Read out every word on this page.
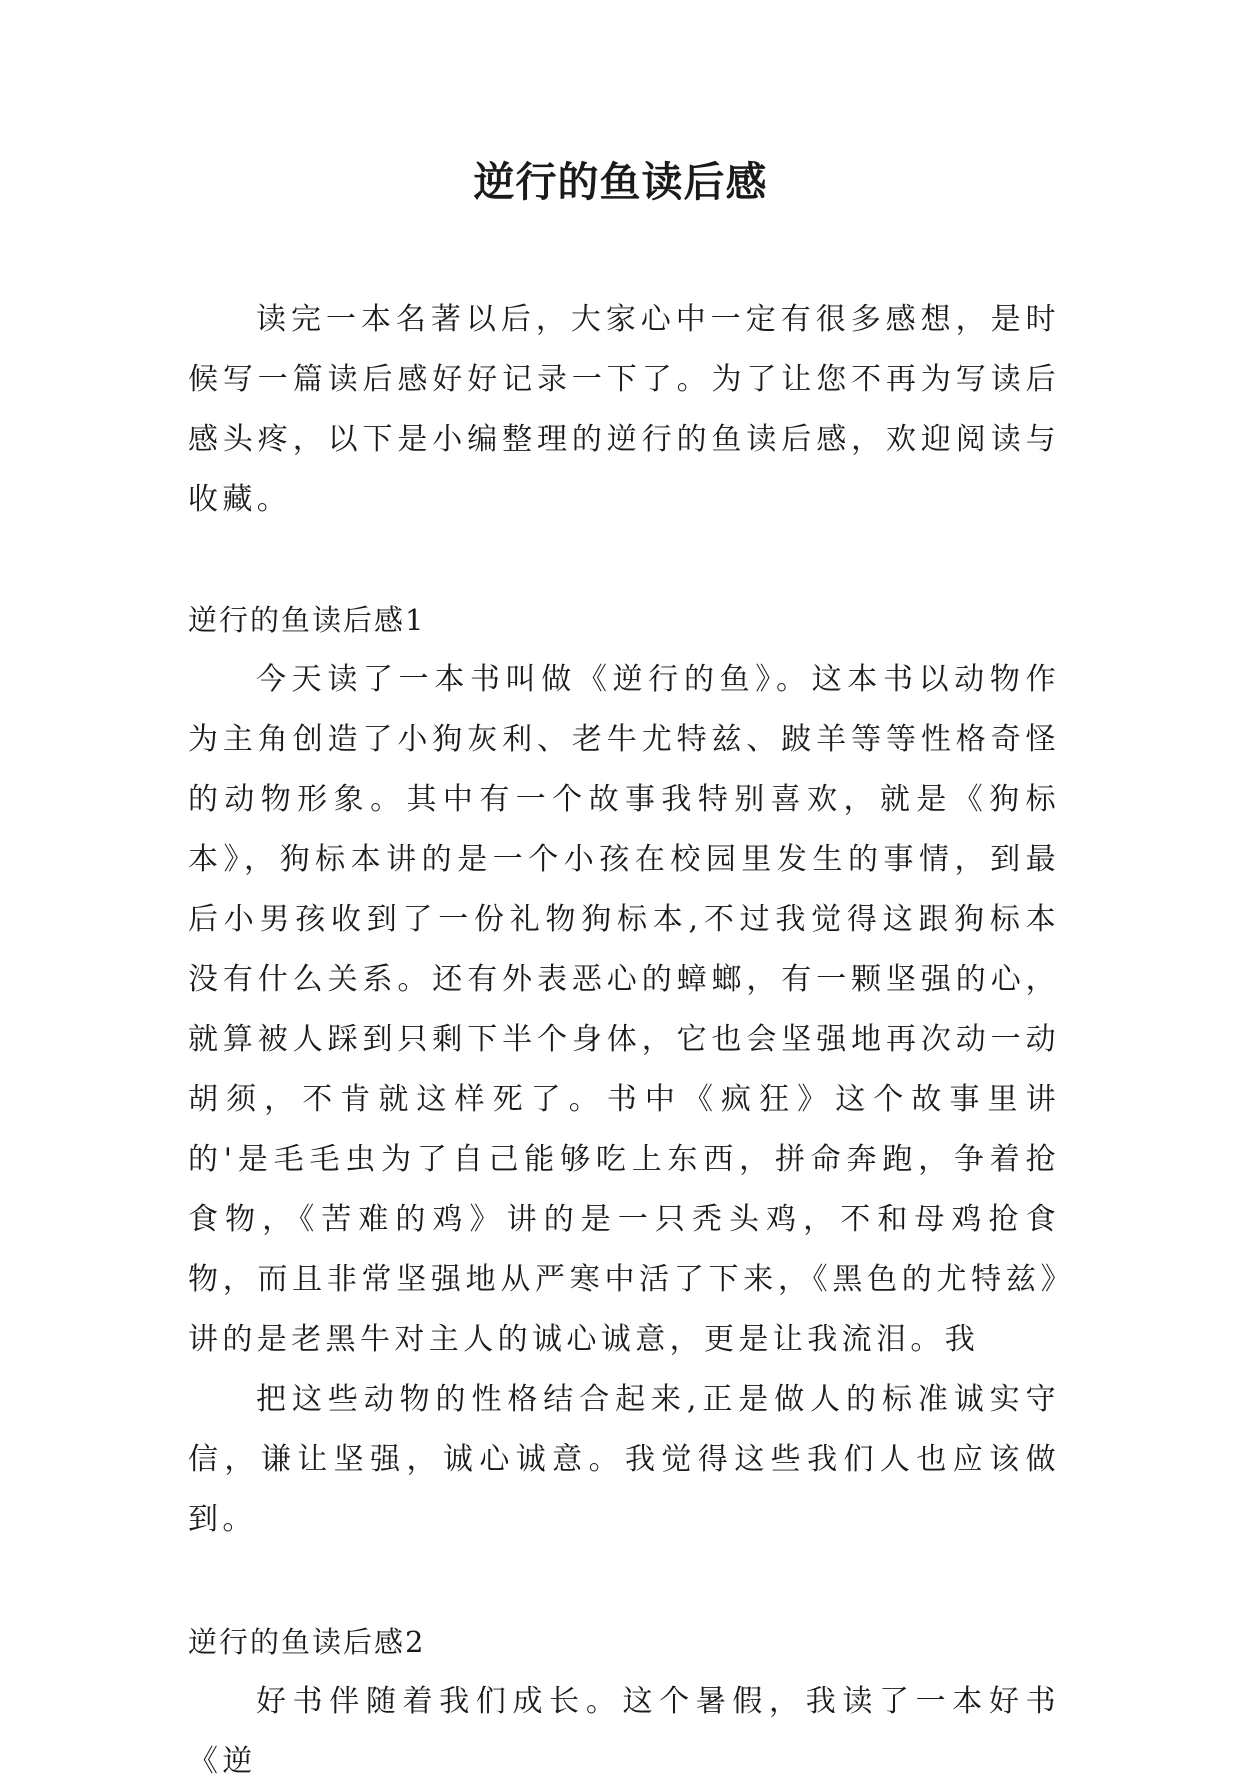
逆行的鱼读后感

读完一本名著以后，大家心中一定有很多感想，是时候写一篇读后感好好记录一下了。为了让您不再为写读后感头疼，以下是小编整理的逆行的鱼读后感，欢迎阅读与收藏。

逆行的鱼读后感1

今天读了一本书叫做《逆行的鱼》。这本书以动物作为主角创造了小狗灰利、老牛尤特兹、跛羊等等性格奇怪的动物形象。其中有一个故事我特别喜欢，就是《狗标本》，狗标本讲的是一个小孩在校园里发生的事情，到最后小男孩收到了一份礼物狗标本,不过我觉得这跟狗标本没有什么关系。还有外表恶心的蟑螂，有一颗坚强的心，就算被人踩到只剩下半个身体，它也会坚强地再次动一动胡须，不肯就这样死了。书中《疯狂》这个故事里讲的'是毛毛虫为了自己能够吃上东西，拼命奔跑，争着抢食物，《苦难的鸡》讲的是一只秃头鸡，不和母鸡抢食物，而且非常坚强地从严寒中活了下来，《黑色的尤特兹》讲的是老黑牛对主人的诚心诚意，更是让我流泪。我

把这些动物的性格结合起来,正是做人的标准诚实守信，谦让坚强，诚心诚意。我觉得这些我们人也应该做到。

逆行的鱼读后感2

好书伴随着我们成长。这个暑假，我读了一本好书《逆
